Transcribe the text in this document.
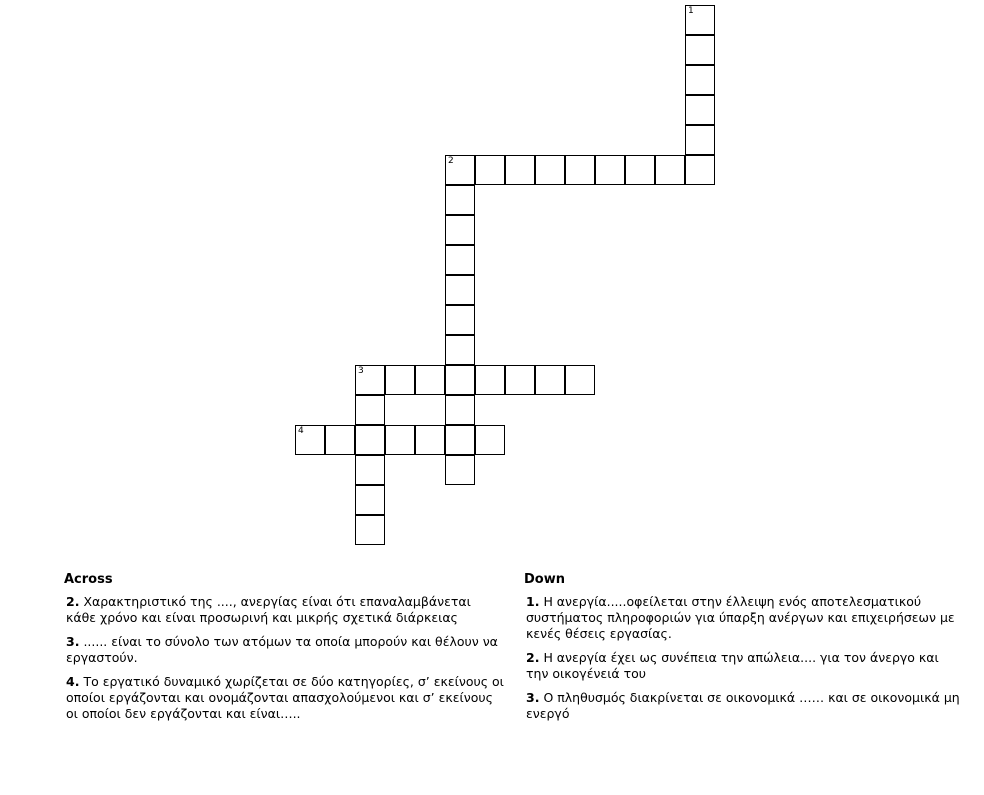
1
2
3
4
Across
2. Χαρακτηριστικό της ...., ανεργίας είναι ότι επαναλαμβάνεται κάθε χρόνο και είναι προσωρινή και μικρής σχετικά διάρκειας
3. ...... είναι το σύνολο των ατόμων τα οποία μπορούν και θέλουν να εργαστούν.
4. Το εργατικό δυναμικό χωρίζεται σε δύο κατηγορίες, σ’ εκείνους οι οποίοι εργάζονται και ονομάζονται απασχολούμενοι και σ’ εκείνους οι οποίοι δεν εργάζονται και είναι…..
Down
1. Η ανεργία.....οφείλεται στην έλλειψη ενός αποτελεσματικού συστήματος πληροφοριών για ύπαρξη ανέργων και επιχειρήσεων με κενές θέσεις εργασίας.
2. Η ανεργία έχει ως συνέπεια την απώλεια.... για τον άνεργο και την οικογένειά του
3. Ο πληθυσμός διακρίνεται σε οικονομικά …… και σε οικονομικά μη ενεργό
